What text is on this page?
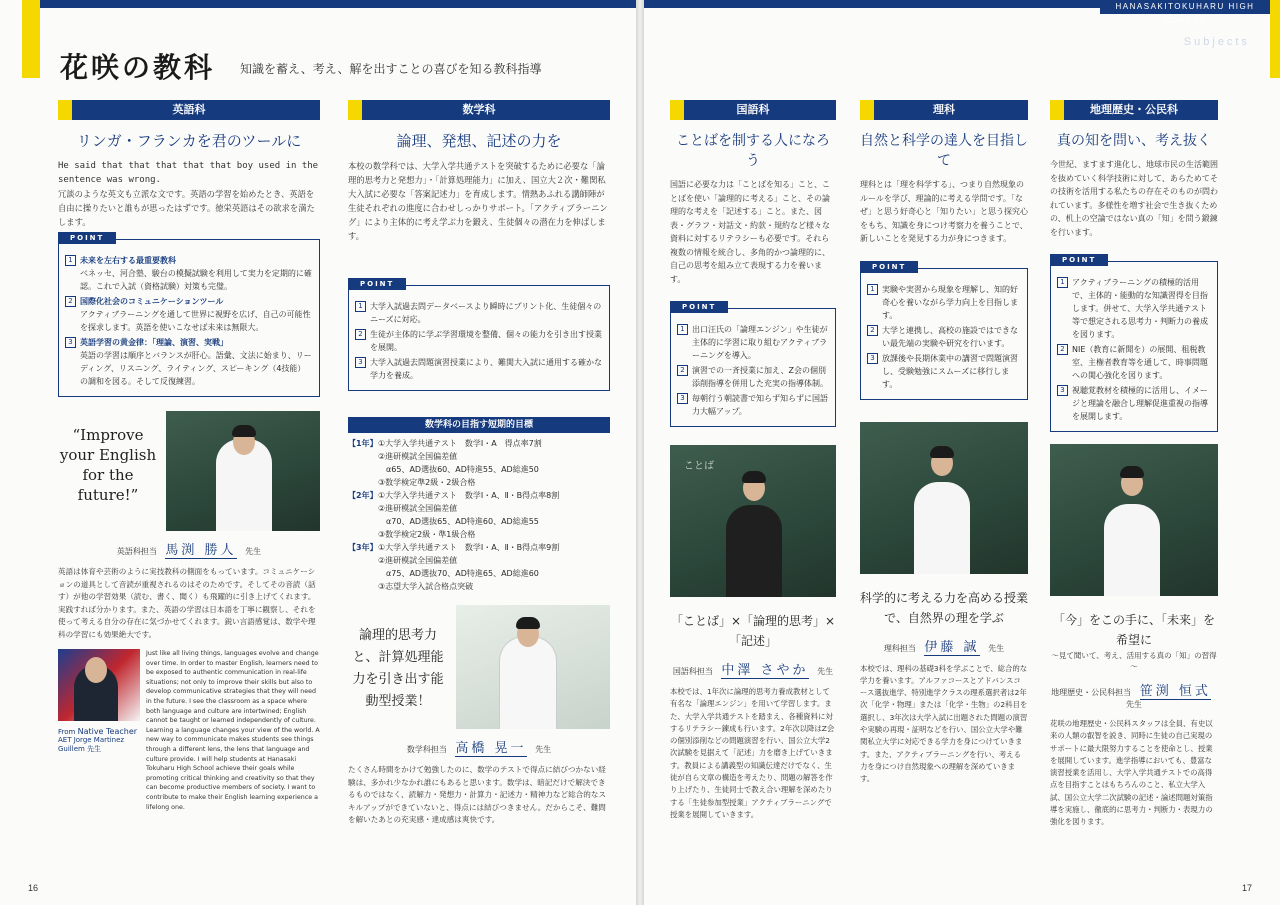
花咲の教科 知識を蓄え、考え、解を出すことの喜びを知る教科指導
英語科
リンガ・フランカを君のツールに
He said that that that that that boy used in the sentence was wrong.
冗談のような英文も立派な文です。英語の学習を始めたとき、英語を自由に操りたいと誰もが思ったはずです。徳栄英語はその欲求を満たします。
POINT
1 未来を左右する最重要教科
ベネッセ、河合塾、駿台の模擬試験を利用して実力を定期的に確認。これで入試（資格試験）対策も完璧。
2 国際化社会のコミュニケーションツール
アクティブラーニングを通して世界に視野を広げ、自己の可能性を探求します。英語を使いこなせば未来は無限大。
3 英語学習の黄金律：「理論、演習、実戦」
英語の学習は順序とバランスが肝心。語彙、文法に始まり、リーディング、リスニング、ライティング、スピーキング（4技能）の調和を図る。そして反復練習。
“Improve your English for the future!”
英語科担当 馬渕 勝人 先生
英語は体育や芸術のように実技教科の側面をもっています。コミュニケーションの道具として音読が重視されるのはそのためです。そしてその音読（話す）が他の学習効果（読む、書く、聞く）も飛躍的に引き上げてくれます。実践すれば分かります。また、英語の学習は日本語を丁寧に観察し、それを使って考える自分の存在に気づかせてくれます。鋭い言語感覚は、数学や理科の学習にも効果絶大です。
From Native Teacher
AET Jorge Martinez Guillem 先生
Just like all living things, languages evolve and change over time. In order to master English, learners need to be exposed to authentic communication in real-life situations; not only to improve their skills but also to develop communicative strategies that they will need in the future. I see the classroom as a space where both language and culture are intertwined; English cannot be taught or learned independently of culture. Learning a language changes your view of the world. A new way to communicate makes students see things through a different lens, the lens that language and culture provide. I will help students at Hanasaki Tokuharu High School achieve their goals while promoting critical thinking and creativity so that they can become productive members of society. I want to contribute to make their English learning experience a lifelong one.
数学科
論理、発想、記述の力を
本校の数学科では、大学入学共通テストを突破するために必要な「論理的思考力と発想力」・「計算処理能力」に加え、国立大２次・難関私大入試に必要な「答案記述力」を育成します。情熱あふれる講師陣が生徒それぞれの進度に合わせしっかりサポート。「アクティブラーニング」により主体的に考え学ぶ力を鍛え、生徒個々の潜在力を伸ばします。
POINT
1 大学入試過去問データベースより瞬時にプリント化、生徒個々のニーズに対応。
2 生徒が主体的に学ぶ学習環境を整備、個々の能力を引き出す授業を展開。
3 大学入試過去問題演習授業により、難関大入試に通用する確かな学力を養成。
数学科の目指す短期的目標
【1年】 ①大学入学共通テスト　数学Ⅰ・A　得点率7割
②進研模試全国偏差値
　α65、AD選抜60、AD特進55、AD総進50
③数学検定準2級・2級合格
【2年】 ①大学入学共通テスト　数学Ⅰ・A、Ⅱ・B得点率8割
②進研模試全国偏差値
　α70、AD選抜65、AD特進60、AD総進55
③数学検定2級・準1級合格
【3年】 ①大学入学共通テスト　数学Ⅰ・A、Ⅱ・B得点率9割
②進研模試全国偏差値
　α75、AD選抜70、AD特進65、AD総進60
③志望大学入試合格点突破
論理的思考力と、計算処理能力を引き出す能動型授業！
数学科担当 高橋 晃一 先生
たくさん時間をかけて勉強したのに、数学のテストで得点に結びつかない経験は、多かれ少なかれ誰にもあると思います。数学は、暗記だけで解決できるものではなく、読解力・発想力・計算力・記述力・精神力など総合的なスキルアップができていないと、得点には結びつきません。だからこそ、難問を解いたあとの充実感・達成感は爽快です。
16
HANASAKITOKUHARU HIGH SCHOOL
Subjects
国語科
ことばを制する人になろう
国語に必要な力は「ことばを知る」こと、ことばを使い「論理的に考える」こと、その論理的な考えを「記述する」こと。また、図表・グラフ・対話文・約款・規約など様々な資料に対するリテラシーも必要です。それら複数の情報を統合し、多角的かつ論理的に、自己の思考を組み立て表現する力を養います。
POINT
1 出口汪氏の「論理エンジン」や生徒が主体的に学習に取り組むアクティブラーニングを導入。
2 演習での一斉授業に加え、Z会の個別添削指導を併用した充実の指導体制。
3 毎朝行う朝読書で知らず知らずに国語力大幅アップ。
ことば
「ことば」×「論理的思考」×「記述」
国語科担当 中澤 さやか 先生
本校では、1年次に論理的思考力養成教材として有名な「論理エンジン」を用いて学習します。また、大学入学共通テストを踏まえ、各種資料に対するリテラシー錬成も行います。2年次以降はZ会の個別添削などの問題演習を行い、国公立大学2次試験を見据えて「記述」力を磨き上げていきます。教員による講義型の知識伝達だけでなく、生徒が自ら文章の構造を考えたり、問題の解答を作り上げたり、生徒同士で教え合い理解を深めたりする「生徒参加型授業」アクティブラーニングで授業を展開していきます。
理科
自然と科学の達人を目指して
理科とは「理を科学する」、つまり自然現象のルールを学び、理論的に考える学問です。「なぜ」と思う好奇心と「知りたい」と思う探究心をもち、知識を身につけ考察力を養うことで、新しいことを発見する力が身につきます。
POINT
1 実験や実習から現象を理解し、知的好奇心を養いながら学力向上を目指します。
2 大学と連携し、高校の施設ではできない最先端の実験や研究を行います。
3 放課後や長期休業中の講習で問題演習し、受験勉強にスムーズに移行します。
科学的に考える力を高める授業で、自然界の理を学ぶ
理科担当 伊藤 誠 先生
本校では、理科の基礎3科を学ぶことで、総合的な学力を養います。アルファコースとアドバンスコース選抜進学、特別進学クラスの理系選択者は2年次「化学・物理」または「化学・生物」の2科目を選択し、3年次は大学入試に出題された問題の演習や実験の再現・証明などを行い、国公立大学や難関私立大学に対応できる学力を身につけていきます。また、アクティブラーニングを行い、考える力を身につけ自然現象への理解を深めていきます。
地理歴史・公民科
真の知を問い、考え抜く
今世紀、ますます進化し、地球市民の生活範囲を抜めていく科学技術に対して、あらためてその技術を活用する私たちの存在そのものが問われています。多様性を増す社会で生き抜くための、机上の空論ではない真の「知」を問う鍛錬を行います。
POINT
1 アクティブラーニングの積極的活用で、主体的・能動的な知識習得を目指します。併せて、大学入学共通テスト等で想定される思考力・判断力の養成を図ります。
2 NIE（教育に新聞を）の展開、租税教室、主権者教育等を通して、時事問題への関心強化を図ります。
3 視聴覚教材を積極的に活用し、イメージと理論を融合し理解促進重視の指導を展開します。
「今」をこの手に、「未来」を希望に
～見て聞いて、考え、活用する真の「知」の習得～
地理歴史・公民科担当 笹渕 恒式 先生
花咲の地理歴史・公民科スタッフは全員、有史以来の人類の叡智を説き、同時に生徒の自己実現のサポートに最大限努力することを使命とし、授業を展開しています。進学指導においても、豊富な演習授業を活用し、大学入学共通テストでの高得点を目指すことはもちろんのこと、私立大学入試、国公立大学二次試験の記述・論述問題対策指導を実施し、徹底的に思考力・判断力・表現力の強化を図ります。
17
